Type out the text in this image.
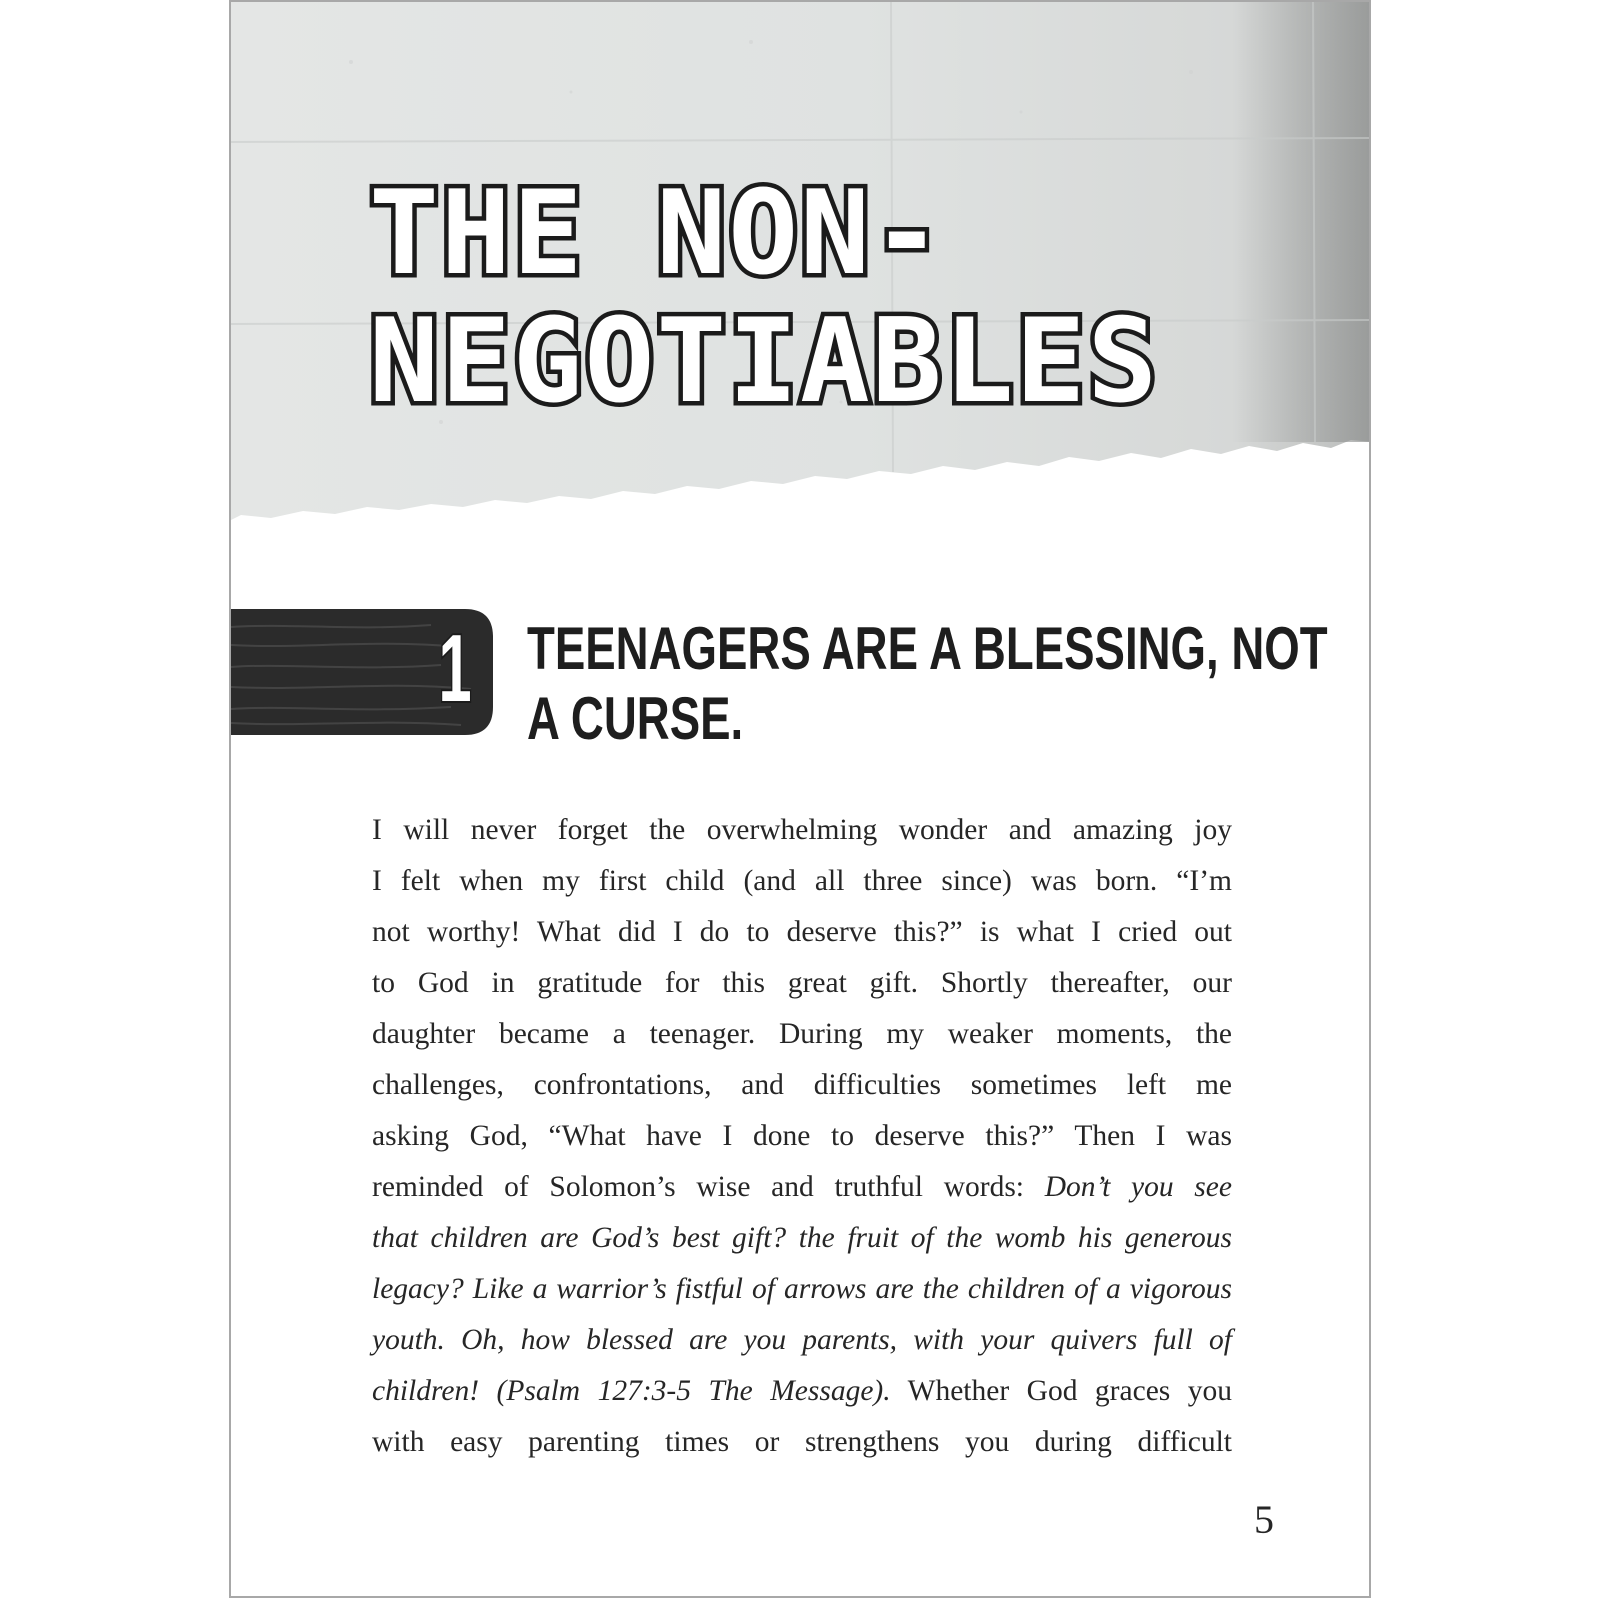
THE NON-
NEGOTIABLES
1 TEENAGERS ARE A BLESSING, NOT
A CURSE.
I will never forget the overwhelming wonder and amazing joy
I felt when my first child (and all three since) was born. “I’m
not worthy! What did I do to deserve this?” is what I cried out
to God in gratitude for this great gift. Shortly thereafter, our
daughter became a teenager. During my weaker moments, the
challenges, confrontations, and difficulties sometimes left me
asking God, “What have I done to deserve this?” Then I was
reminded of Solomon’s wise and truthful words: Don’t you see
that children are God’s best gift? the fruit of the womb his generous
legacy? Like a warrior’s fistful of arrows are the children of a vigorous
youth. Oh, how blessed are you parents, with your quivers full of
children! (Psalm 127:3-5 The Message). Whether God graces you
with easy parenting times or strengthens you during difficult
5
